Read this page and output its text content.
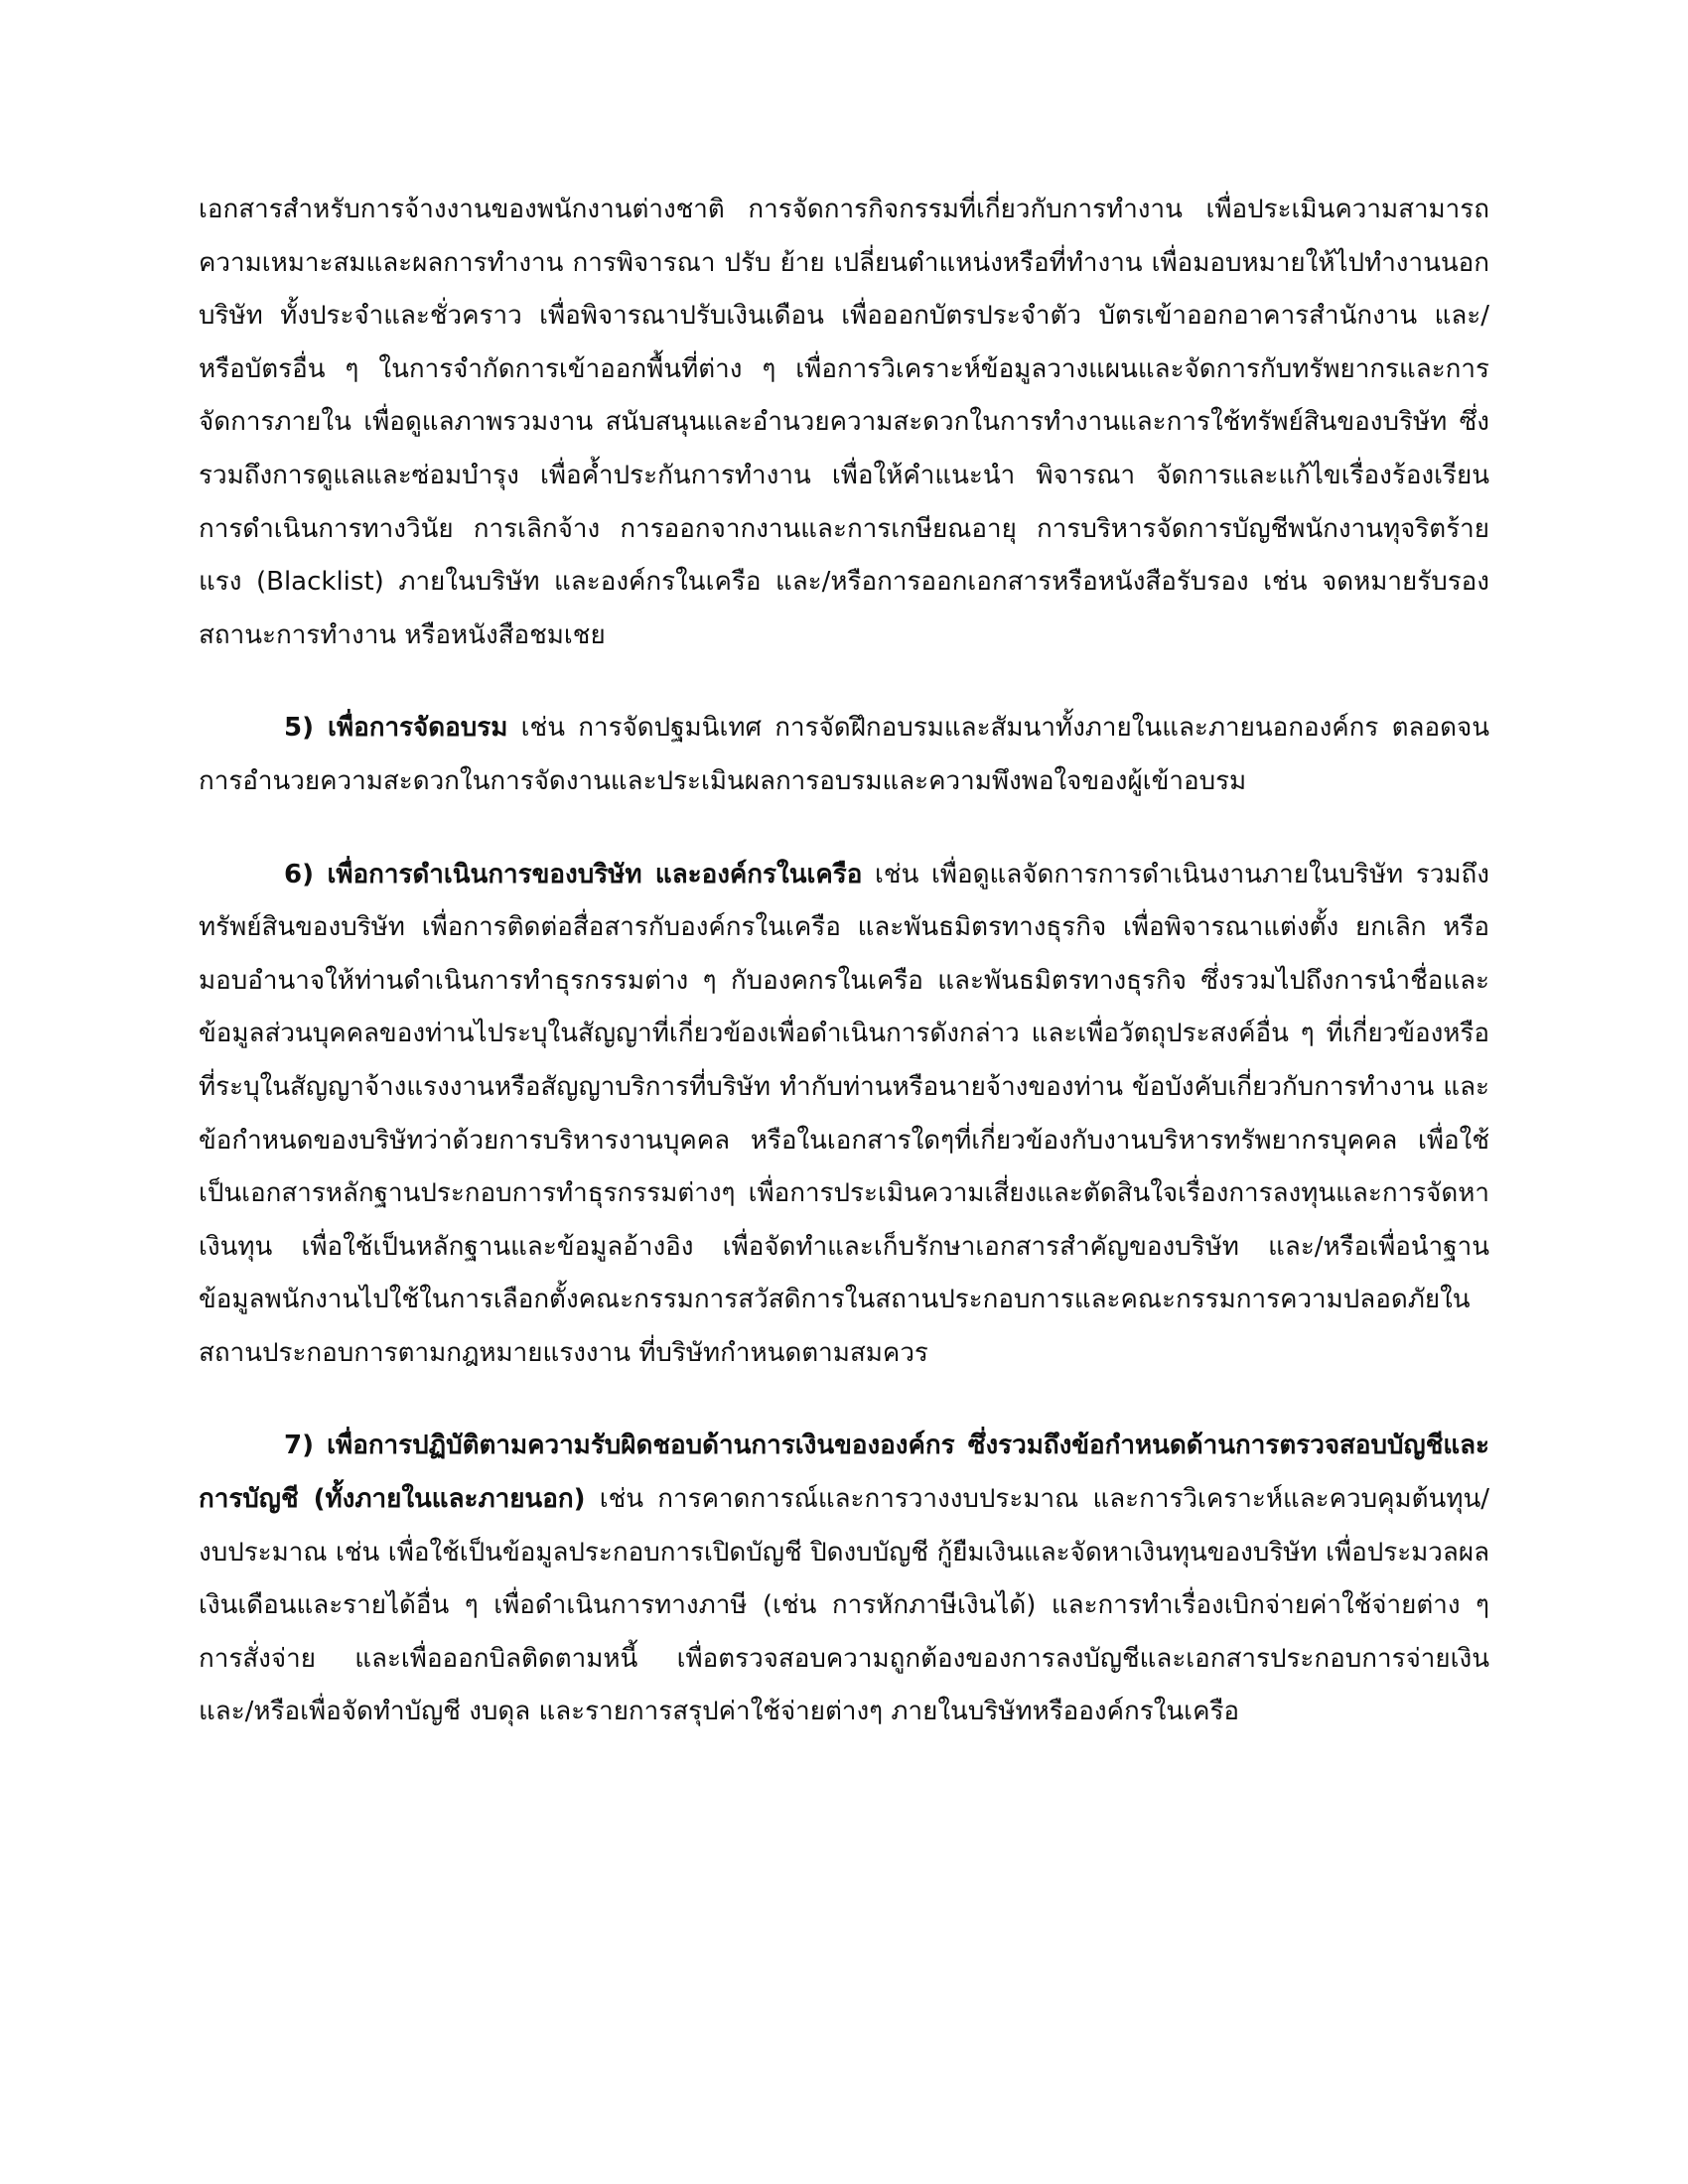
เอกสารสำหรับการจ้างงานของพนักงานต่างชาติ การจัดการกิจกรรมที่เกี่ยวกับการทำงาน เพื่อประเมินความสามารถ ความเหมาะสมและผลการทำงาน การพิจารณา ปรับ ย้าย เปลี่ยนตำแหน่งหรือที่ทำงาน เพื่อมอบหมายให้ไปทำงานนอกบริษัท ทั้งประจำและชั่วคราว เพื่อพิจารณาปรับเงินเดือน เพื่อออกบัตรประจำตัว บัตรเข้าออกอาคารสำนักงาน และ/หรือบัตรอื่น ๆ ในการจำกัดการเข้าออกพื้นที่ต่าง ๆ เพื่อการวิเคราะห์ข้อมูลวางแผนและจัดการกับทรัพยากรและการจัดการภายใน เพื่อดูแลภาพรวมงาน สนับสนุนและอำนวยความสะดวกในการทำงานและการใช้ทรัพย์สินของบริษัท ซึ่งรวมถึงการดูแลและซ่อมบำรุง เพื่อค้ำประกันการทำงาน เพื่อให้คำแนะนำ พิจารณา จัดการและแก้ไขเรื่องร้องเรียน การดำเนินการทางวินัย การเลิกจ้าง การออกจากงานและการเกษียณอายุ การบริหารจัดการบัญชีพนักงานทุจริตร้ายแรง (Blacklist) ภายในบริษัท และองค์กรในเครือ และ/หรือการออกเอกสารหรือหนังสือรับรอง เช่น จดหมายรับรองสถานะการทำงาน หรือหนังสือชมเชย

5) เพื่อการจัดอบรม เช่น การจัดปฐมนิเทศ การจัดฝึกอบรมและสัมนาทั้งภายในและภายนอกองค์กร ตลอดจนการอำนวยความสะดวกในการจัดงานและประเมินผลการอบรมและความพึงพอใจของผู้เข้าอบรม

6) เพื่อการดำเนินการของบริษัท และองค์กรในเครือ เช่น เพื่อดูแลจัดการการดำเนินงานภายในบริษัท รวมถึงทรัพย์สินของบริษัท เพื่อการติดต่อสื่อสารกับองค์กรในเครือ และพันธมิตรทางธุรกิจ เพื่อพิจารณาแต่งตั้ง ยกเลิก หรือมอบอำนาจให้ท่านดำเนินการทำธุรกรรมต่าง ๆ กับองคกรในเครือ และพันธมิตรทางธุรกิจ ซึ่งรวมไปถึงการนำชื่อและข้อมูลส่วนบุคคลของท่านไประบุในสัญญาที่เกี่ยวข้องเพื่อดำเนินการดังกล่าว และเพื่อวัตถุประสงค์อื่น ๆ ที่เกี่ยวข้องหรือที่ระบุในสัญญาจ้างแรงงานหรือสัญญาบริการที่บริษัท ทำกับท่านหรือนายจ้างของท่าน ข้อบังคับเกี่ยวกับการทำงาน และข้อกำหนดของบริษัทว่าด้วยการบริหารงานบุคคล หรือในเอกสารใดๆที่เกี่ยวข้องกับงานบริหารทรัพยากรบุคคล เพื่อใช้เป็นเอกสารหลักฐานประกอบการทำธุรกรรมต่างๆ เพื่อการประเมินความเสี่ยงและตัดสินใจเรื่องการลงทุนและการจัดหาเงินทุน เพื่อใช้เป็นหลักฐานและข้อมูลอ้างอิง เพื่อจัดทำและเก็บรักษาเอกสารสำคัญของบริษัท และ/หรือเพื่อนำฐานข้อมูลพนักงานไปใช้ในการเลือกตั้งคณะกรรมการสวัสดิการในสถานประกอบการและคณะกรรมการความปลอดภัยในสถานประกอบการตามกฎหมายแรงงาน ที่บริษัทกำหนดตามสมควร

7) เพื่อการปฏิบัติตามความรับผิดชอบด้านการเงินขององค์กร ซึ่งรวมถึงข้อกำหนดด้านการตรวจสอบบัญชีและการบัญชี (ทั้งภายในและภายนอก) เช่น การคาดการณ์และการวางงบประมาณ และการวิเคราะห์และควบคุมต้นทุน/งบประมาณ เช่น เพื่อใช้เป็นข้อมูลประกอบการเปิดบัญชี ปิดงบบัญชี กู้ยืมเงินและจัดหาเงินทุนของบริษัท เพื่อประมวลผลเงินเดือนและรายได้อื่น ๆ เพื่อดำเนินการทางภาษี (เช่น การหักภาษีเงินได้) และการทำเรื่องเบิกจ่ายค่าใช้จ่ายต่าง ๆ การสั่งจ่าย และเพื่อออกบิลติดตามหนี้ เพื่อตรวจสอบความถูกต้องของการลงบัญชีและเอกสารประกอบการจ่ายเงิน และ/หรือเพื่อจัดทำบัญชี งบดุล และรายการสรุปค่าใช้จ่ายต่างๆ ภายในบริษัทหรือองค์กรในเครือ
